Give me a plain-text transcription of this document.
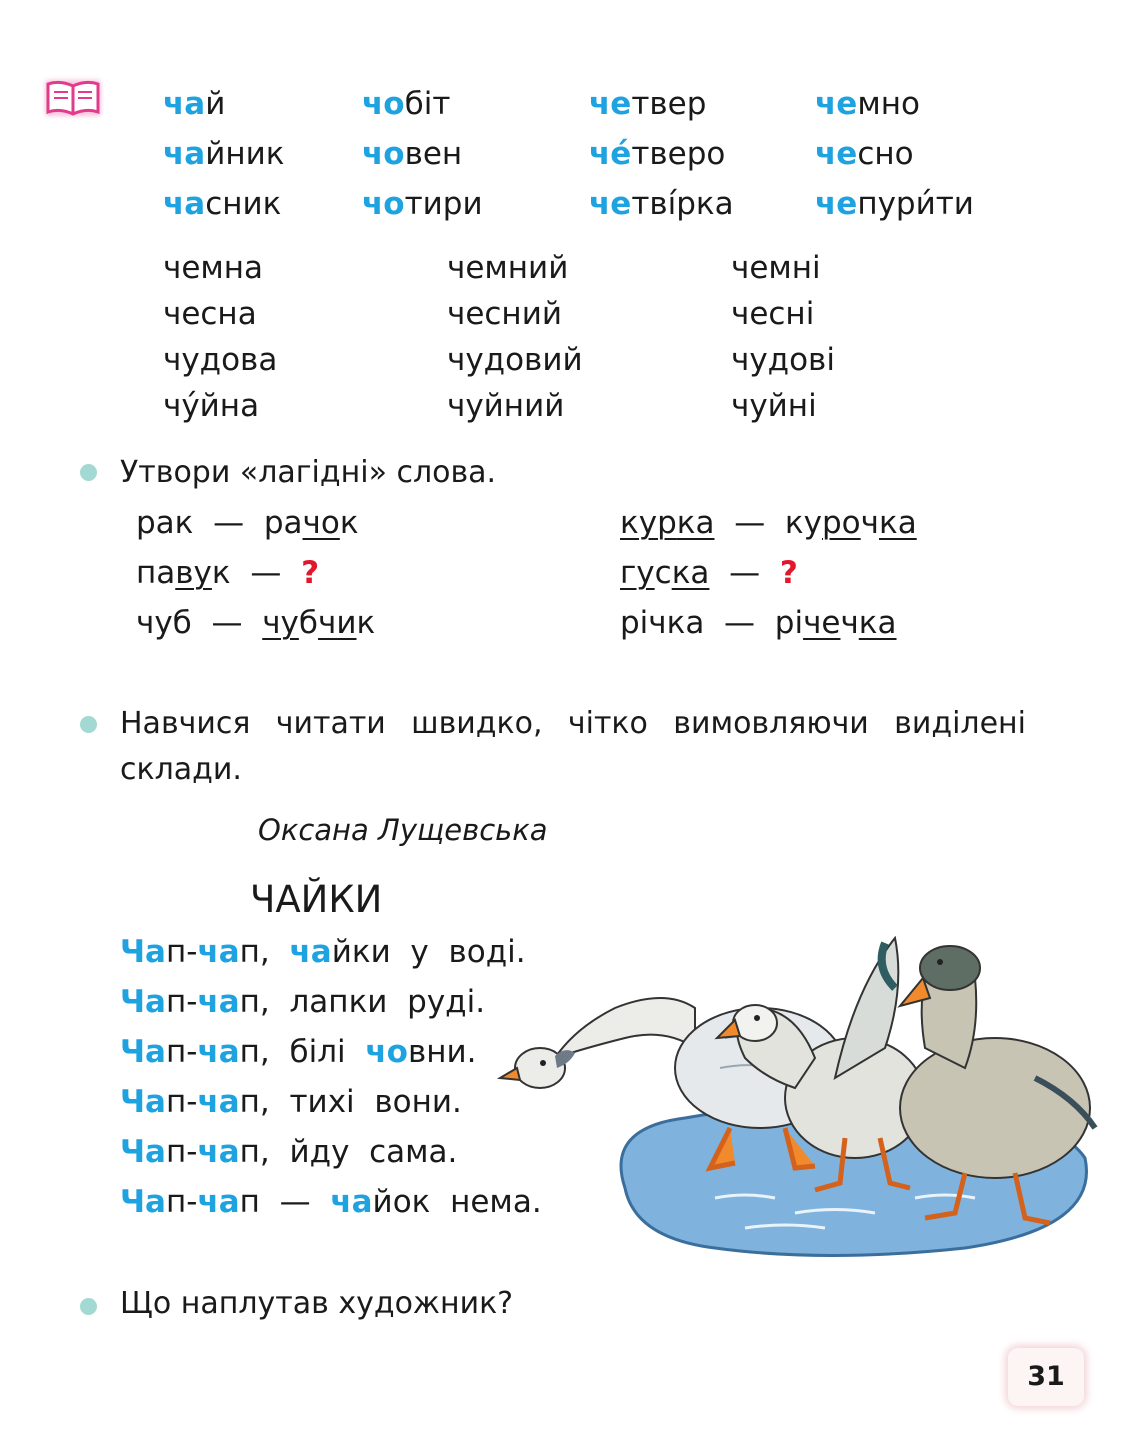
чай	чобіт	четвер	чемно
чайник	човен	че́тверо	чесно
часник	чотири	четві́рка	чепури́ти
чемна	чемний	чемні
чесна	чесний	чесні
чудова	чудовий	чудові
чу́йна	чуйний	чуйні
Утвори «лагідні» слова.
рак — рачок
павук — ?
чуб — чубчик
курка — курочка
гуска — ?
річка — річечка
Навчися читати швидко, чітко вимовляючи виділені
склади.
Оксана Лущевська
ЧАЙКИ
Чап-чап,  чайки  у  воді.
Чап-чап,  лапки  руді.
Чап-чап,  білі  човни.
Чап-чап,  тихі  вони.
Чап-чап,  йду  сама.
Чап-чап  —  чайок  нема.
Що наплутав художник?
31
